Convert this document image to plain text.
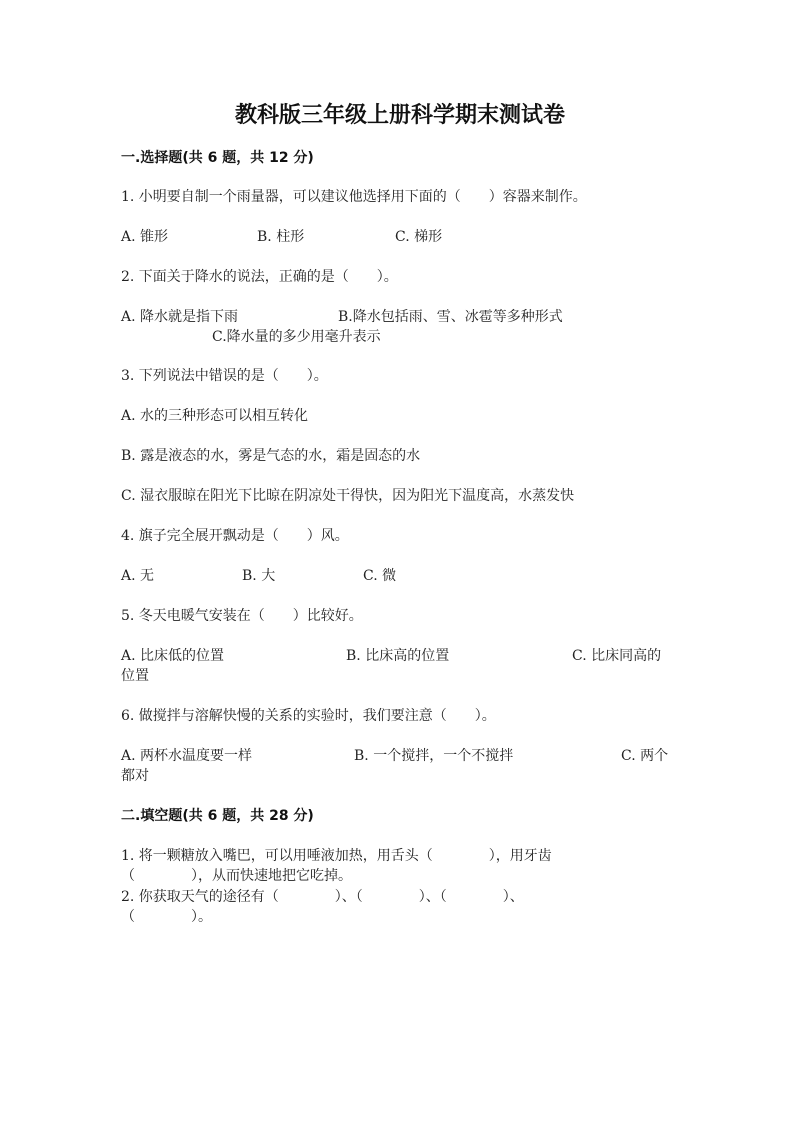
教科版三年级上册科学期末测试卷
一.选择题(共 6 题，共 12 分)
1. 小明要自制一个雨量器，可以建议他选择用下面的（　　）容器来制作。
A. 锥形	B. 柱形	C. 梯形
2. 下面关于降水的说法，正确的是（　　）。
A. 降水就是指下雨	B.降水包括雨、雪、冰雹等多种形式
C.降水量的多少用毫升表示
3. 下列说法中错误的是（　　）。
A. 水的三种形态可以相互转化
B. 露是液态的水，雾是气态的水，霜是固态的水
C. 湿衣服晾在阳光下比晾在阴凉处干得快，因为阳光下温度高，水蒸发快
4. 旗子完全展开飘动是（　　）风。
A. 无	B. 大	C. 微
5. 冬天电暖气安装在（　　）比较好。
A. 比床低的位置	B. 比床高的位置	C. 比床同高的
位置
6. 做搅拌与溶解快慢的关系的实验时，我们要注意（　　）。
A. 两杯水温度要一样	B. 一个搅拌，一个不搅拌	C. 两个
都对
二.填空题(共 6 题，共 28 分)
1. 将一颗糖放入嘴巴，可以用唾液加热，用舌头（　　　　），用牙齿
（　　　　），从而快速地把它吃掉。
2. 你获取天气的途径有（　　　　）、（　　　　）、（　　　　）、
（　　　　）。
